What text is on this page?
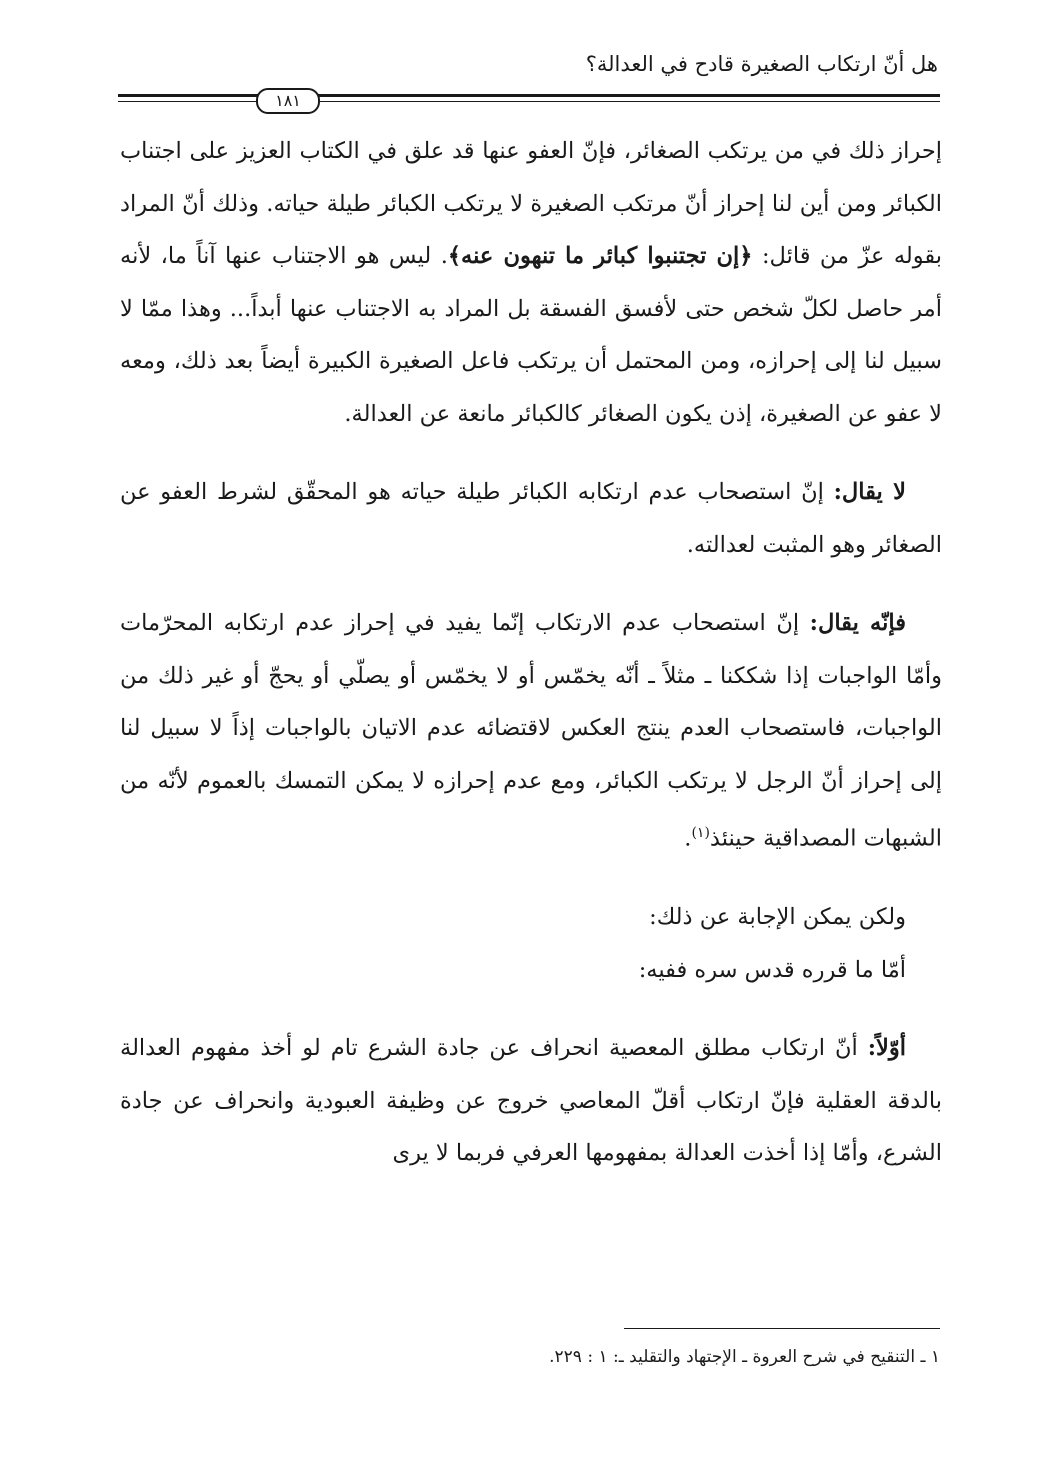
هل أنّ ارتكاب الصغيرة قادح في العدالة؟
١٨١

إحراز ذلك في من يرتكب الصغائر، فإنّ العفو عنها قد علق في الكتاب العزيز على اجتناب الكبائر ومن أين لنا إحراز أنّ مرتكب الصغيرة لا يرتكب الكبائر طيلة حياته. وذلك أنّ المراد بقوله عزّ من قائل: ﴿إن تجتنبوا كبائر ما تنهون عنه﴾. ليس هو الاجتناب عنها آناً ما، لأنه أمر حاصل لكلّ شخص حتى لأفسق الفسقة بل المراد به الاجتناب عنها أبداً... وهذا ممّا لا سبيل لنا إلى إحرازه، ومن المحتمل أن يرتكب فاعل الصغيرة الكبيرة أيضاً بعد ذلك، ومعه لا عفو عن الصغيرة، إذن يكون الصغائر كالكبائر مانعة عن العدالة.

لا يقال: إنّ استصحاب عدم ارتكابه الكبائر طيلة حياته هو المحقّق لشرط العفو عن الصغائر وهو المثبت لعدالته.

فإنّه يقال: إنّ استصحاب عدم الارتكاب إنّما يفيد في إحراز عدم ارتكابه المحرّمات وأمّا الواجبات إذا شككنا ـ مثلاً ـ أنّه يخمّس أو لا يخمّس أو يصلّي أو يحجّ أو غير ذلك من الواجبات، فاستصحاب العدم ينتج العكس لاقتضائه عدم الاتيان بالواجبات إذاً لا سبيل لنا إلى إحراز أنّ الرجل لا يرتكب الكبائر، ومع عدم إحرازه لا يمكن التمسك بالعموم لأنّه من الشبهات المصداقية حينئذ$^{(١)}$.

ولكن يمكن الإجابة عن ذلك:

أمّا ما قرره قدس سره ففيه:

أوّلاً: أنّ ارتكاب مطلق المعصية انحراف عن جادة الشرع تام لو أخذ مفهوم العدالة بالدقة العقلية فإنّ ارتكاب أقلّ المعاصي خروج عن وظيفة العبودية وانحراف عن جادة الشرع، وأمّا إذا أخذت العدالة بمفهومها العرفي فربما لا يرى

١ ـ التنقيح في شرح العروة ـ الإجتهاد والتقليد ـ: ١ : ٢٢٩.
